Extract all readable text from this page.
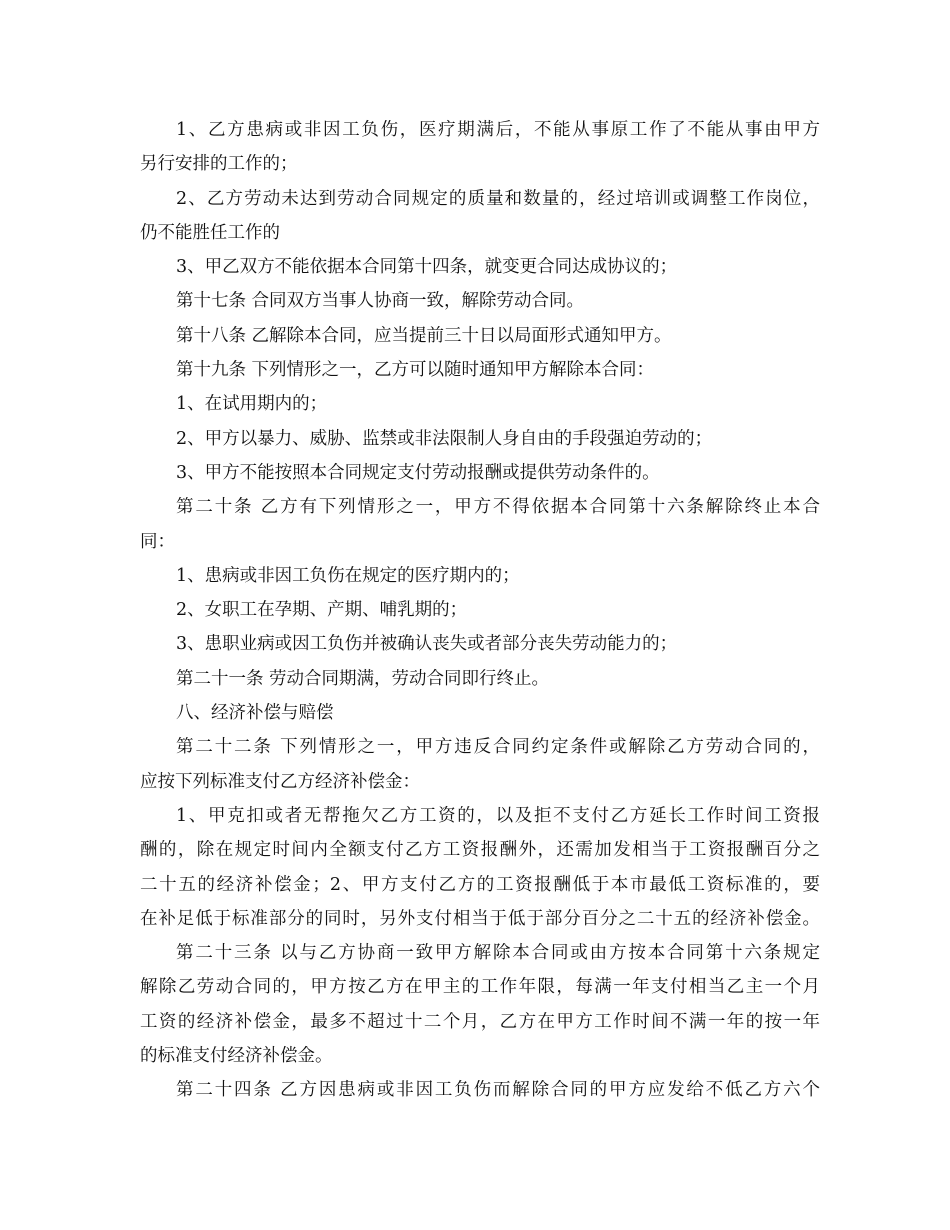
1、乙方患病或非因工负伤，医疗期满后，不能从事原工作了不能从事由甲方
另行安排的工作的；
2、乙方劳动未达到劳动合同规定的质量和数量的，经过培训或调整工作岗位，
仍不能胜任工作的
3、甲乙双方不能依据本合同第十四条，就变更合同达成协议的；
第十七条 合同双方当事人协商一致，解除劳动合同。
第十八条 乙解除本合同，应当提前三十日以局面形式通知甲方。
第十九条 下列情形之一，乙方可以随时通知甲方解除本合同：
1、在试用期内的；
2、甲方以暴力、威胁、监禁或非法限制人身自由的手段强迫劳动的；
3、甲方不能按照本合同规定支付劳动报酬或提供劳动条件的。
第二十条 乙方有下列情形之一，甲方不得依据本合同第十六条解除终止本合
同：
1、患病或非因工负伤在规定的医疗期内的；
2、女职工在孕期、产期、哺乳期的；
3、患职业病或因工负伤并被确认丧失或者部分丧失劳动能力的；
第二十一条 劳动合同期满，劳动合同即行终止。
八、经济补偿与赔偿
第二十二条 下列情形之一，甲方违反合同约定条件或解除乙方劳动合同的，
应按下列标准支付乙方经济补偿金：
1、甲克扣或者无帮拖欠乙方工资的，以及拒不支付乙方延长工作时间工资报
酬的，除在规定时间内全额支付乙方工资报酬外，还需加发相当于工资报酬百分之
二十五的经济补偿金；2、甲方支付乙方的工资报酬低于本市最低工资标准的，要
在补足低于标准部分的同时，另外支付相当于低于部分百分之二十五的经济补偿金。
第二十三条 以与乙方协商一致甲方解除本合同或由方按本合同第十六条规定
解除乙劳动合同的，甲方按乙方在甲主的工作年限，每满一年支付相当乙主一个月
工资的经济补偿金，最多不超过十二个月，乙方在甲方工作时间不满一年的按一年
的标准支付经济补偿金。
第二十四条 乙方因患病或非因工负伤而解除合同的甲方应发给不低乙方六个
